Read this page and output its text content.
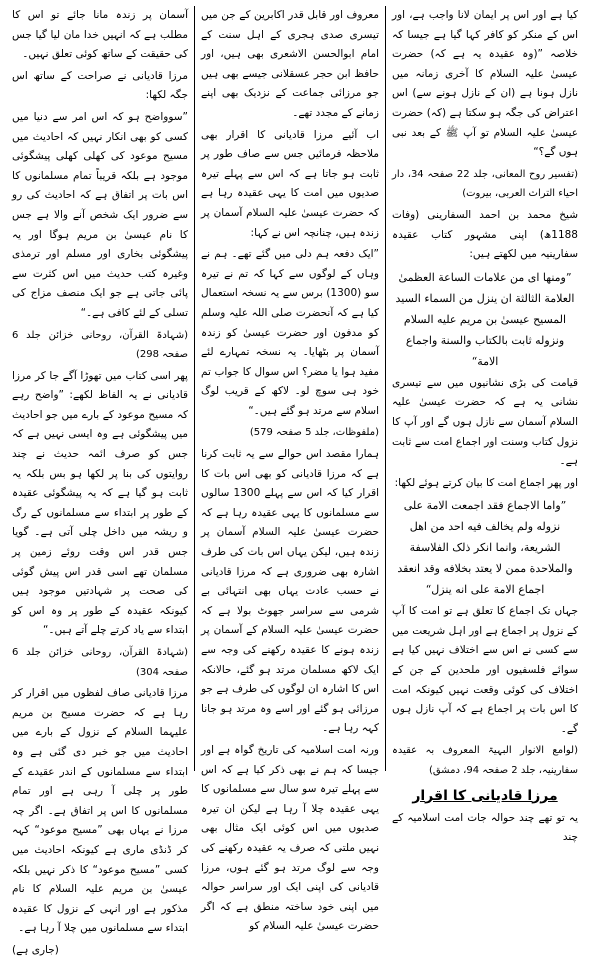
کیا ہے اور اس پر ایمان لانا واجب ہے، اور اس کے منکر کو کافر کہا گیا ہے جیسا کہ خلاصہ ”(وہ عقیدہ یہ ہے کہ) حضرت عیسیٰ علیہ السلام کا آخری زمانہ میں نازل ہونا ہے (ان کے نازل ہونے سے) اس اعتراض کی جگہ ہو سکتا ہے (کہ) حضرت عیسیٰ علیہ السلام تو آپ ﷺ کے بعد نبی ہوں گے؟“

(تفسیر روح المعانی، جلد 22 صفحہ 34، دار احیاء التراث العربی، بیروت)

شیخ محمد بن احمد السفارینی (وفات 1188ھ) اپنی مشہور کتاب عقیدہ سفارینیہ میں لکھتے ہیں:

”ومنها ای من علامات الساعة العظمیٰ العلامة الثالثة ان ینزل من السماء السید المسیح عیسیٰ بن مریم علیه السلام ونزوله ثابت بالکتاب والسنة واجماع الامة“

قیامت کی بڑی نشانیوں میں سے تیسری نشانی یہ ہے کہ حضرت عیسیٰ علیہ السلام آسمان سے نازل ہوں گے اور آپ کا نزول کتاب وسنت اور اجماع امت سے ثابت ہے۔

اور پھر اجماع امت کا بیان کرتے ہوئے لکھا:

”واما الاجماع فقد اجمعت الامة علی نزوله ولم یخالف فیه احد من اهل الشریعة، وانما انکر ذلک الفلاسفة والملاحدة ممن لا یعتد بخلافه وقد انعقد اجماع الامة علی انه ینزل“

جہاں تک اجماع کا تعلق ہے تو امت کا آپ کے نزول پر اجماع ہے اور اہل شریعت میں سے کسی نے اس سے اختلاف نہیں کیا ہے سوائے فلسفیوں اور ملحدین کے جن کے اختلاف کی کوئی وقعت نہیں کیونکہ امت کا اس بات پر اجماع ہے کہ آپ نازل ہوں گے۔

(لوامع الانوار البہیۃ المعروف بہ عقیدہ سفارینیہ، جلد 2 صفحہ 94، دمشق)

مرزا قادیانی کا اقرار

یہ تو تھے چند حوالہ جات امت اسلامیہ کے چند

معروف اور قابل قدر اکابرین کے جن میں تیسری صدی ہجری کے اہل سنت کے امام ابوالحسن الاشعری بھی ہیں، اور حافظ ابن حجر عسقلانی جیسے بھی ہیں جو مرزائی جماعت کے نزدیک بھی اپنے زمانے کے مجدد تھے۔

اب آئیے مرزا قادیانی کا اقرار بھی ملاحظہ فرمائیں جس سے صاف طور پر ثابت ہو جاتا ہے کہ اس سے پہلے تیرہ صدیوں میں امت کا یہی عقیدہ رہا ہے کہ حضرت عیسیٰ علیہ السلام آسمان پر زندہ ہیں، چنانچہ اس نے کہا:

”ایک دفعہ ہم دلی میں گئے تھے۔ ہم نے وہاں کے لوگوں سے کہا کہ تم نے تیرہ سو (1300) برس سے یہ نسخہ استعمال کیا ہے کہ آنحضرت صلی اللہ علیہ وسلم کو مدفون اور حضرت عیسیٰ کو زندہ آسمان پر بٹھایا۔ یہ نسخہ تمہارے لئے مفید ہوا یا مضر؟ اس سوال کا جواب تم خود ہی سوچ لو۔ لاکھ کے قریب لوگ اسلام سے مرتد ہو گئے ہیں۔“

(ملفوظات، جلد 5 صفحہ 579)

ہمارا مقصد اس حوالے سے یہ ثابت کرنا ہے کہ مرزا قادیانی کو بھی اس بات کا اقرار کیا کہ اس سے پہلے 1300 سالوں سے مسلمانوں کا یہی عقیدہ رہا ہے کہ حضرت عیسیٰ علیہ السلام آسمان پر زندہ ہیں، لیکن یہاں اس بات کی طرف اشارہ بھی ضروری ہے کہ مرزا قادیانی نے حسب عادت یہاں بھی انتہائی بے شرمی سے سراسر جھوٹ بولا ہے کہ حضرت عیسیٰ علیہ السلام کے آسمان پر زندہ ہونے کا عقیدہ رکھنے کی وجہ سے ایک لاکھ مسلمان مرتد ہو گئے، حالانکہ اس کا اشارہ ان لوگوں کی طرف ہے جو مرزائی ہو گئے اور اسے وہ مرتد ہو جانا کہہ رہا ہے۔

ورنہ امت اسلامیہ کی تاریخ گواہ ہے اور جیسا کہ ہم نے بھی ذکر کیا ہے کہ اس سے پہلے تیرہ سو سال سے مسلمانوں کا یہی عقیدہ چلا آ رہا ہے لیکن ان تیرہ صدیوں میں اس کوئی ایک مثال بھی نہیں ملتی کہ صرف یہ عقیدہ رکھنے کی وجہ سے لوگ مرتد ہو گئے ہوں، مرزا قادیانی کی اپنی ایک اور سراسر حوالہ میں اپنی خود ساختہ منطق ہے کہ اگر حضرت عیسیٰ علیہ السلام کو

آسمان پر زندہ مانا جائے تو اس کا مطلب ہے کہ انہیں خدا مان لیا گیا جس کی حقیقت کے ساتھ کوئی تعلق نہیں۔

مرزا قادیانی نے صراحت کے ساتھ اس جگہ لکھا:

”سوواضح ہو کہ اس امر سے دنیا میں کسی کو بھی انکار نہیں کہ احادیث میں مسیح موعود کی کھلی کھلی پیشگوئی موجود ہے بلکہ قریباً تمام مسلمانوں کا اس بات پر اتفاق ہے کہ احادیث کی رو سے ضرور ایک شخص آنے والا ہے جس کا نام عیسیٰ بن مریم ہوگا اور یہ پیشگوئی بخاری اور مسلم اور ترمذی وغیرہ کتب حدیث میں اس کثرت سے پائی جاتی ہے جو ایک منصف مزاج کی تسلی کے لئے کافی ہے۔“

(شہادۃ القرآن، روحانی خزائن جلد 6 صفحہ 298)

پھر اسی کتاب میں تھوڑا آگے جا کر مرزا قادیانی نے یہ الفاظ لکھے: ”واضح رہے کہ مسیح موعود کے بارے میں جو احادیث میں پیشگوئی ہے وہ ایسی نہیں ہے کہ جس کو صرف ائمہ حدیث نے چند روایتوں کی بنا پر لکھا ہو بس بلکہ یہ ثابت ہو گیا ہے کہ یہ پیشگوئی عقیدہ کے طور پر ابتداء سے مسلمانوں کے رگ و ریشہ میں داخل چلی آتی ہے۔ گویا جس قدر اس وقت روئے زمین پر مسلمان تھے اسی قدر اس پیش گوئی کی صحت پر شہادتیں موجود ہیں کیونکہ عقیدہ کے طور پر وہ اس کو ابتداء سے یاد کرتے چلے آتے ہیں۔“

(شہادۃ القرآن، روحانی خزائن جلد 6 صفحہ 304)

مرزا قادیانی صاف لفظوں میں اقرار کر رہا ہے کہ حضرت مسیح بن مریم علیہما السلام کے نزول کے بارے میں احادیث میں جو خبر دی گئی ہے وہ ابتداء سے مسلمانوں کے اندر عقیدے کے طور پر چلی آ رہی ہے اور تمام مسلمانوں کا اس پر اتفاق ہے۔ اگر چہ مرزا نے یہاں بھی ”مسیح موعود“ کہہ کر ڈنڈی ماری ہے کیونکہ احادیث میں کسی ”مسیح موعود“ کا ذکر نہیں بلکہ عیسیٰ بن مریم علیہ السلام کا نام مذکور ہے اور انہی کے نزول کا عقیدہ ابتداء سے مسلمانوں میں چلا آ رہا ہے۔

(جاری ہے)
